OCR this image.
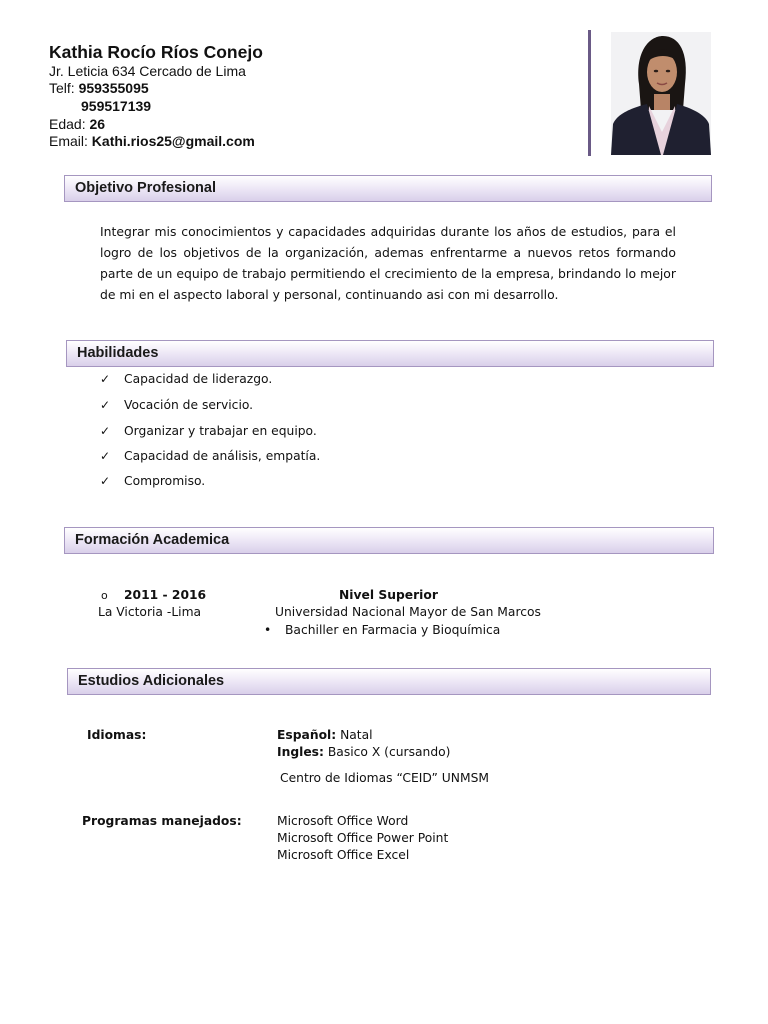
Kathia Rocío Ríos Conejo
Jr. Leticia 634 Cercado de Lima
Telf: 959355095
959517139
Edad: 26
Email: Kathi.rios25@gmail.com
Objetivo Profesional
Integrar mis conocimientos y capacidades adquiridas durante los años de estudios, para el logro de los objetivos de la organización, ademas enfrentarme a nuevos retos formando parte de un equipo de trabajo permitiendo el crecimiento de la empresa, brindando lo mejor de mi en el aspecto laboral y personal, continuando asi con mi desarrollo.
Habilidades
✓ Capacidad de liderazgo.
✓ Vocación de servicio.
✓ Organizar y trabajar en equipo.
✓ Capacidad de análisis, empatía.
✓ Compromiso.
Formación Academica
o 2011 - 2016	Nivel Superior
La Victoria -Lima	Universidad Nacional Mayor de San Marcos
• Bachiller en Farmacia y Bioquímica
Estudios Adicionales
Idiomas:	Español: Natal
Ingles: Basico X (cursando)
Centro de Idiomas “CEID” UNMSM
Programas manejados:	Microsoft Office Word
Microsoft Office Power Point
Microsoft Office Excel
